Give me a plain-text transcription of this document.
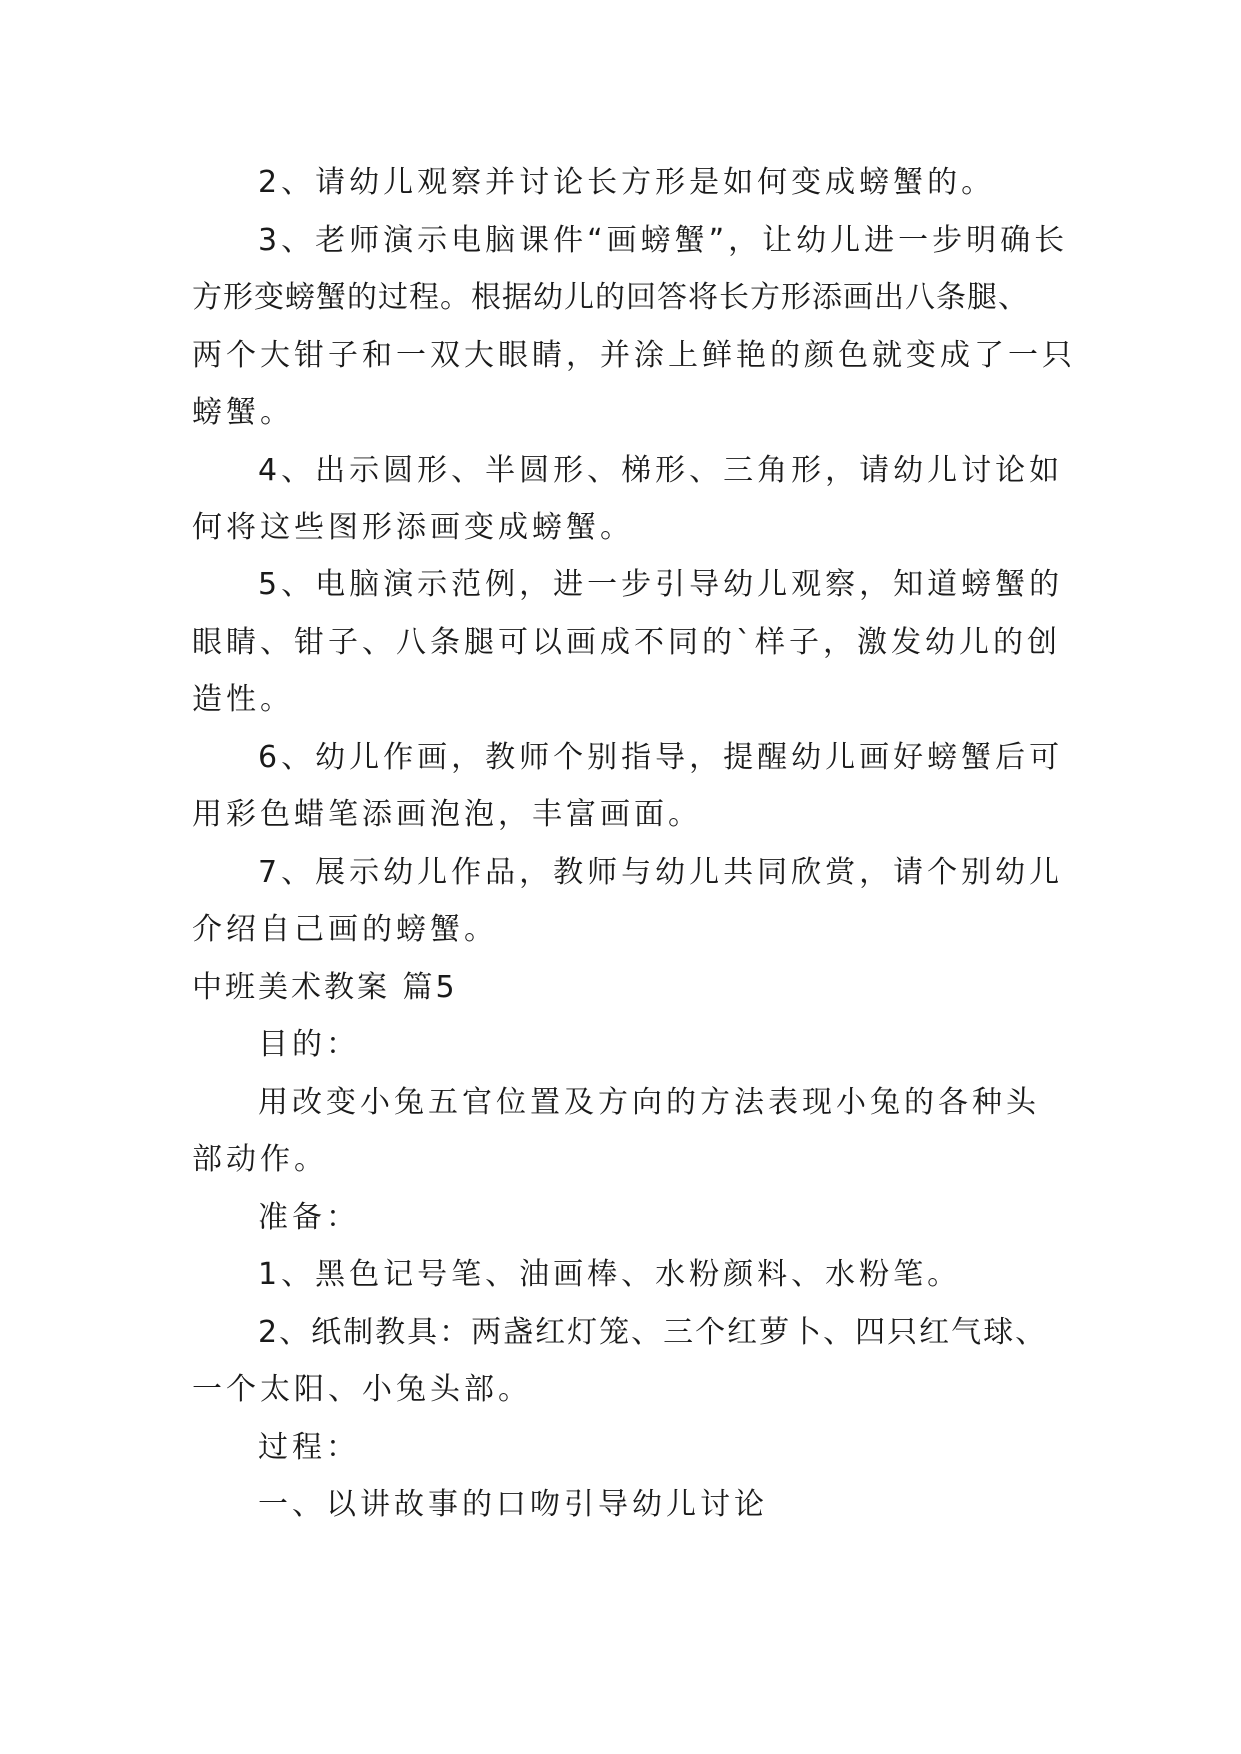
2、请幼儿观察并讨论长方形是如何变成螃蟹的。
3、老师演示电脑课件“画螃蟹”，让幼儿进一步明确长
方形变螃蟹的过程。根据幼儿的回答将长方形添画出八条腿、
两个大钳子和一双大眼睛，并涂上鲜艳的颜色就变成了一只
螃蟹。
4、出示圆形、半圆形、梯形、三角形，请幼儿讨论如
何将这些图形添画变成螃蟹。
5、电脑演示范例，进一步引导幼儿观察，知道螃蟹的
眼睛、钳子、八条腿可以画成不同的`样子，激发幼儿的创
造性。
6、幼儿作画，教师个别指导，提醒幼儿画好螃蟹后可
用彩色蜡笔添画泡泡，丰富画面。
7、展示幼儿作品，教师与幼儿共同欣赏，请个别幼儿
介绍自己画的螃蟹。
中班美术教案 篇5
目的：
用改变小兔五官位置及方向的方法表现小兔的各种头
部动作。
准备：
1、黑色记号笔、油画棒、水粉颜料、水粉笔。
2、纸制教具：两盏红灯笼、三个红萝卜、四只红气球、
一个太阳、小兔头部。
过程：
一、以讲故事的口吻引导幼儿讨论
